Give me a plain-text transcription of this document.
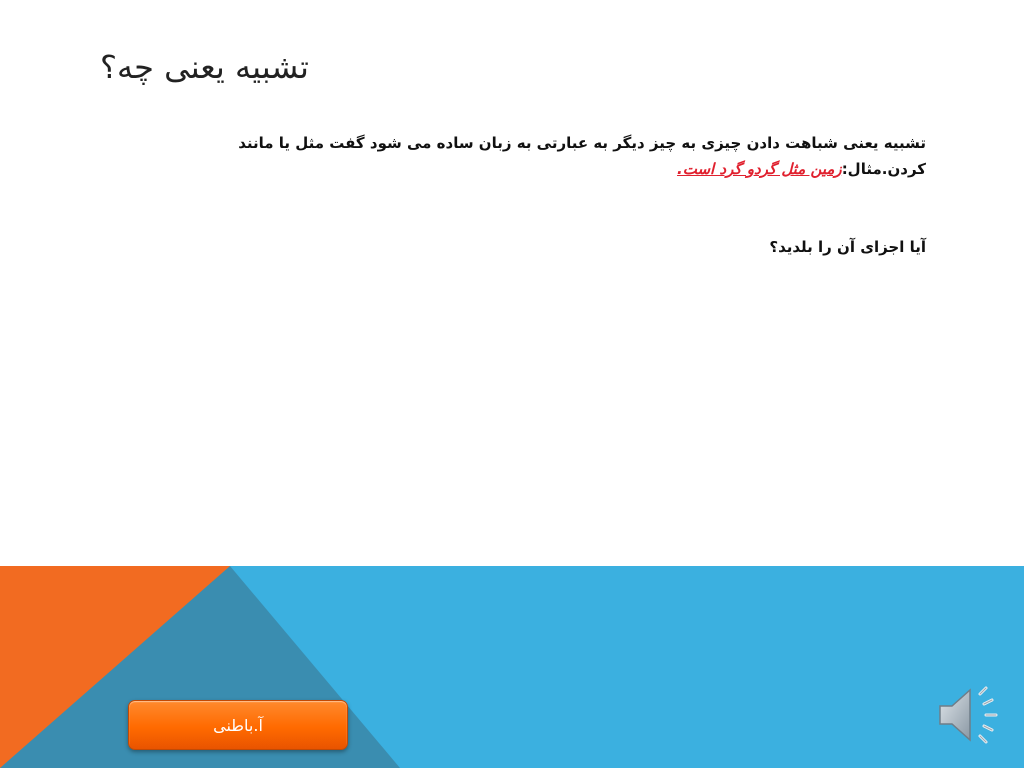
تشبیه یعنی چه؟
تشبیه یعنی شباهت دادن چیزی به چیز دیگر به عبارتی به زبان ساده می شود گفت مثل یا مانند کردن.مثال:زمین مثل گردو گرد است.
آیا اجزای آن را بلدید؟
آ.باطنی
